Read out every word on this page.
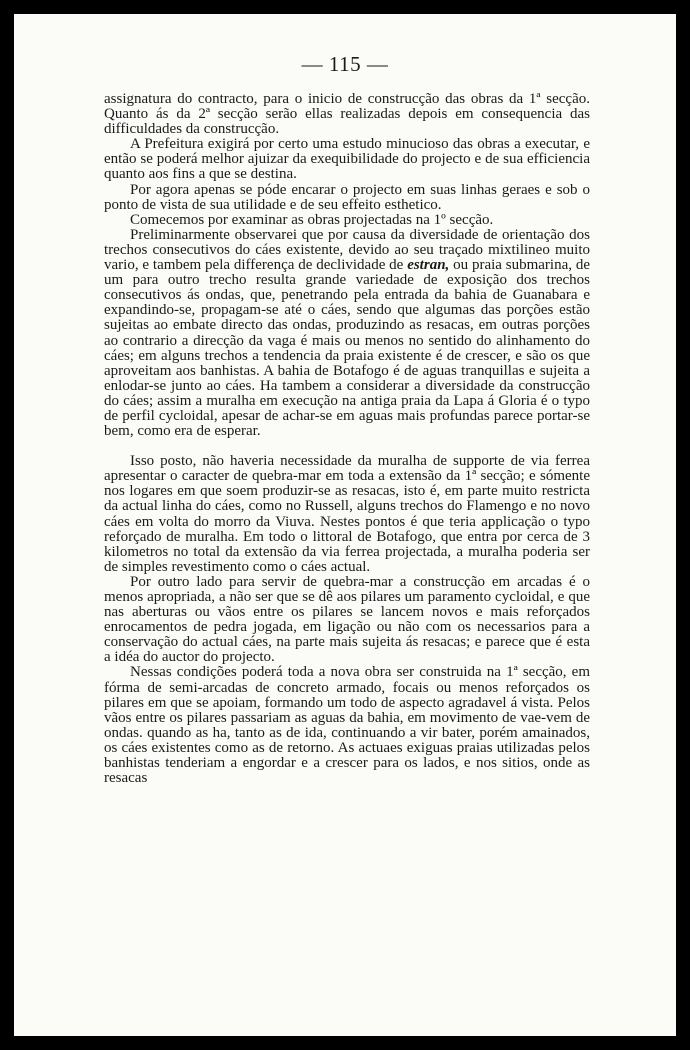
— 115 —

assignatura do contracto, para o inicio de construcção das obras da 1ª secção. Quanto ás da 2ª secção serão ellas realizadas depois em consequencia das difficuldades da construcção.

A Prefeitura exigirá por certo uma estudo minucioso das obras a executar, e então se poderá melhor ajuizar da exequibilidade do projecto e de sua efficiencia quanto aos fins a que se destina.

Por agora apenas se póde encarar o projecto em suas linhas geraes e sob o ponto de vista de sua utilidade e de seu effeito esthetico.

Comecemos por examinar as obras projectadas na 1º secção.

Preliminarmente observarei que por causa da diversidade de orientação dos trechos consecutivos do cáes existente, devido ao seu traçado mixtilineo muito vario, e tambem pela differença de declividade de estran, ou praia submarina, de um para outro trecho resulta grande variedade de exposição dos trechos consecutivos ás ondas, que, penetrando pela entrada da bahia de Guanabara e expandindo-se, propagam-se até o cáes, sendo que algumas das porções estão sujeitas ao embate directo das ondas, produzindo as resacas, em outras porções ao contrario a direcção da vaga é mais ou menos no sentido do alinhamento do cáes; em alguns trechos a tendencia da praia existente é de crescer, e são os que aproveitam aos banhistas. A bahia de Botafogo é de aguas tranquillas e sujeita a enlodar-se junto ao cáes. Ha tambem a considerar a diversidade da construcção do cáes; assim a muralha em execução na antiga praia da Lapa á Gloria é o typo de perfil cycloidal, apesar de achar-se em aguas mais profundas parece portar-se bem, como era de esperar.

Isso posto, não haveria necessidade da muralha de supporte de via ferrea apresentar o caracter de quebra-mar em toda a extensão da 1ª secção; e sómente nos logares em que soem produzir-se as resacas, isto é, em parte muito restricta da actual linha do cáes, como no Russell, alguns trechos do Flamengo e no novo cáes em volta do morro da Viuva. Nestes pontos é que teria applicação o typo reforçado de muralha. Em todo o littoral de Botafogo, que entra por cerca de 3 kilometros no total da extensão da via ferrea projectada, a muralha poderia ser de simples revestimento como o cáes actual.

Por outro lado para servir de quebra-mar a construcção em arcadas é o menos apropriada, a não ser que se dê aos pilares um paramento cycloidal, e que nas aberturas ou vãos entre os pilares se lancem novos e mais reforçados enrocamentos de pedra jogada, em ligação ou não com os necessarios para a conservação do actual cáes, na parte mais sujeita ás resacas; e parece que é esta a idéa do auctor do projecto.

Nessas condições poderá toda a nova obra ser construida na 1ª secção, em fórma de semi-arcadas de concreto armado, focais ou menos reforçados os pilares em que se apoiam, formando um todo de aspecto agradavel á vista. Pelos vãos entre os pilares passariam as aguas da bahia, em movimento de vae-vem de ondas. quando as ha, tanto as de ida, continuando a vir bater, porém amainados, os cáes existentes como as de retorno. As actuaes exiguas praias utilizadas pelos banhistas tenderiam a engordar e a crescer para os lados, e nos sitios, onde as resacas
